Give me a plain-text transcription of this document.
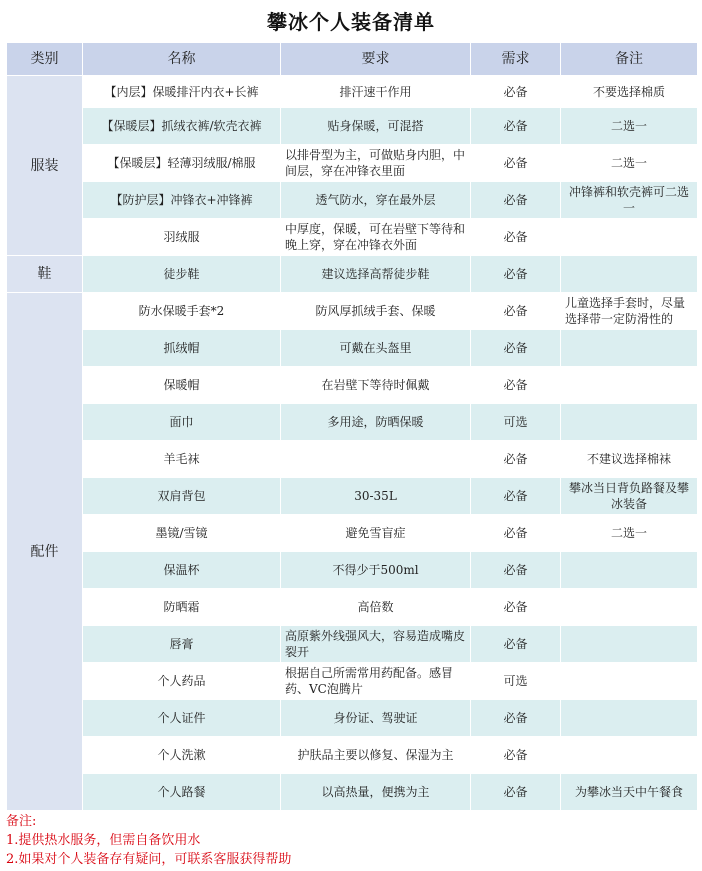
攀冰个人装备清单
类别	名称	要求	需求	备注
服装	【内层】保暖排汗内衣+长裤	排汗速干作用	必备	不要选择棉质
	【保暖层】抓绒衣裤/软壳衣裤	贴身保暖，可混搭	必备	二选一
	【保暖层】轻薄羽绒服/棉服	以排骨型为主，可做贴身内胆，中间层，穿在冲锋衣里面	必备	二选一
	【防护层】冲锋衣+冲锋裤	透气防水，穿在最外层	必备	冲锋裤和软壳裤可二选一
	羽绒服	中厚度，保暖，可在岩壁下等待和晚上穿，穿在冲锋衣外面	必备	
鞋	徒步鞋	建议选择高帮徒步鞋	必备	
配件	防水保暖手套*2	防风厚抓绒手套、保暖	必备	儿童选择手套时，尽量选择带一定防滑性的
	抓绒帽	可戴在头盔里	必备	
	保暖帽	在岩壁下等待时佩戴	必备	
	面巾	多用途，防晒保暖	可选	
	羊毛袜		必备	不建议选择棉袜
	双肩背包	30-35L	必备	攀冰当日背负路餐及攀冰装备
	墨镜/雪镜	避免雪盲症	必备	二选一
	保温杯	不得少于500ml	必备	
	防晒霜	高倍数	必备	
	唇膏	高原紫外线强风大，容易造成嘴皮裂开	必备	
	个人药品	根据自己所需常用药配备。感冒药、VC泡腾片	可选	
	个人证件	身份证、驾驶证	必备	
	个人洗漱	护肤品主要以修复、保湿为主	必备	
	个人路餐	以高热量，便携为主	必备	为攀冰当天中午餐食
备注:
1.提供热水服务，但需自备饮用水
2.如果对个人装备存有疑问，可联系客服获得帮助
